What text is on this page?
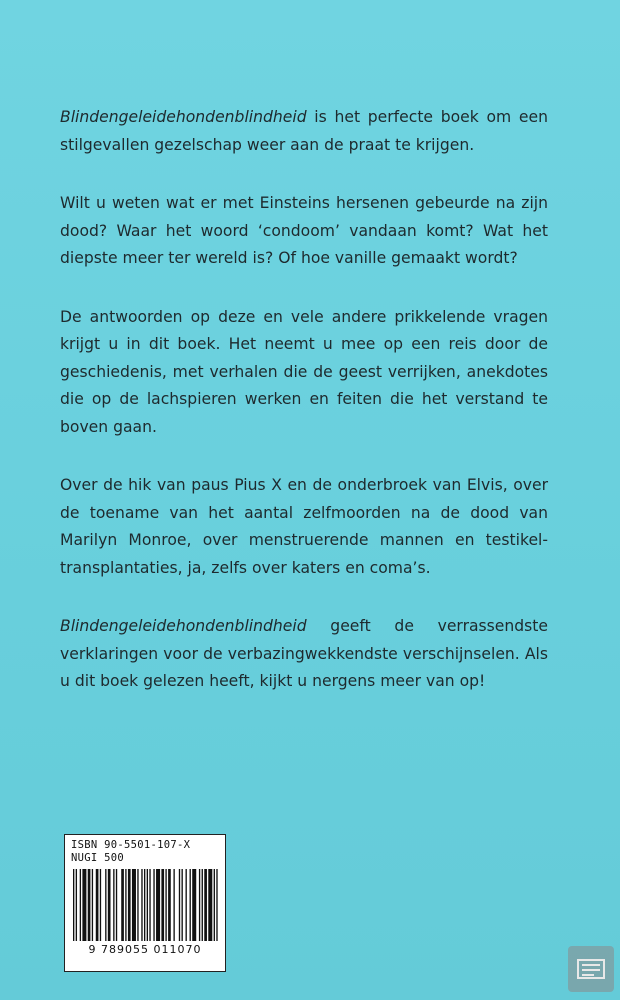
Blindengeleidehondenblindheid is het perfecte boek om een stilgevallen gezelschap weer aan de praat te krijgen.

Wilt u weten wat er met Einsteins hersenen gebeurde na zijn dood? Waar het woord ‘condoom’ vandaan komt? Wat het diepste meer ter wereld is? Of hoe vanille gemaakt wordt?

De antwoorden op deze en vele andere prikkelende vragen krijgt u in dit boek. Het neemt u mee op een reis door de geschiedenis, met verhalen die de geest verrijken, anekdotes die op de lachspieren werken en feiten die het verstand te boven gaan.

Over de hik van paus Pius X en de onderbroek van Elvis, over de toename van het aantal zelfmoorden na de dood van Marilyn Monroe, over menstruerende mannen en testikel-transplantaties, ja, zelfs over katers en coma’s.

Blindengeleidehondenblindheid geeft de verrassendste verklaringen voor de verbazingwekkendste verschijnselen. Als u dit boek gelezen heeft, kijkt u nergens meer van op!

ISBN 90-5501-107-X
NUGI 500
9 789055 011070
